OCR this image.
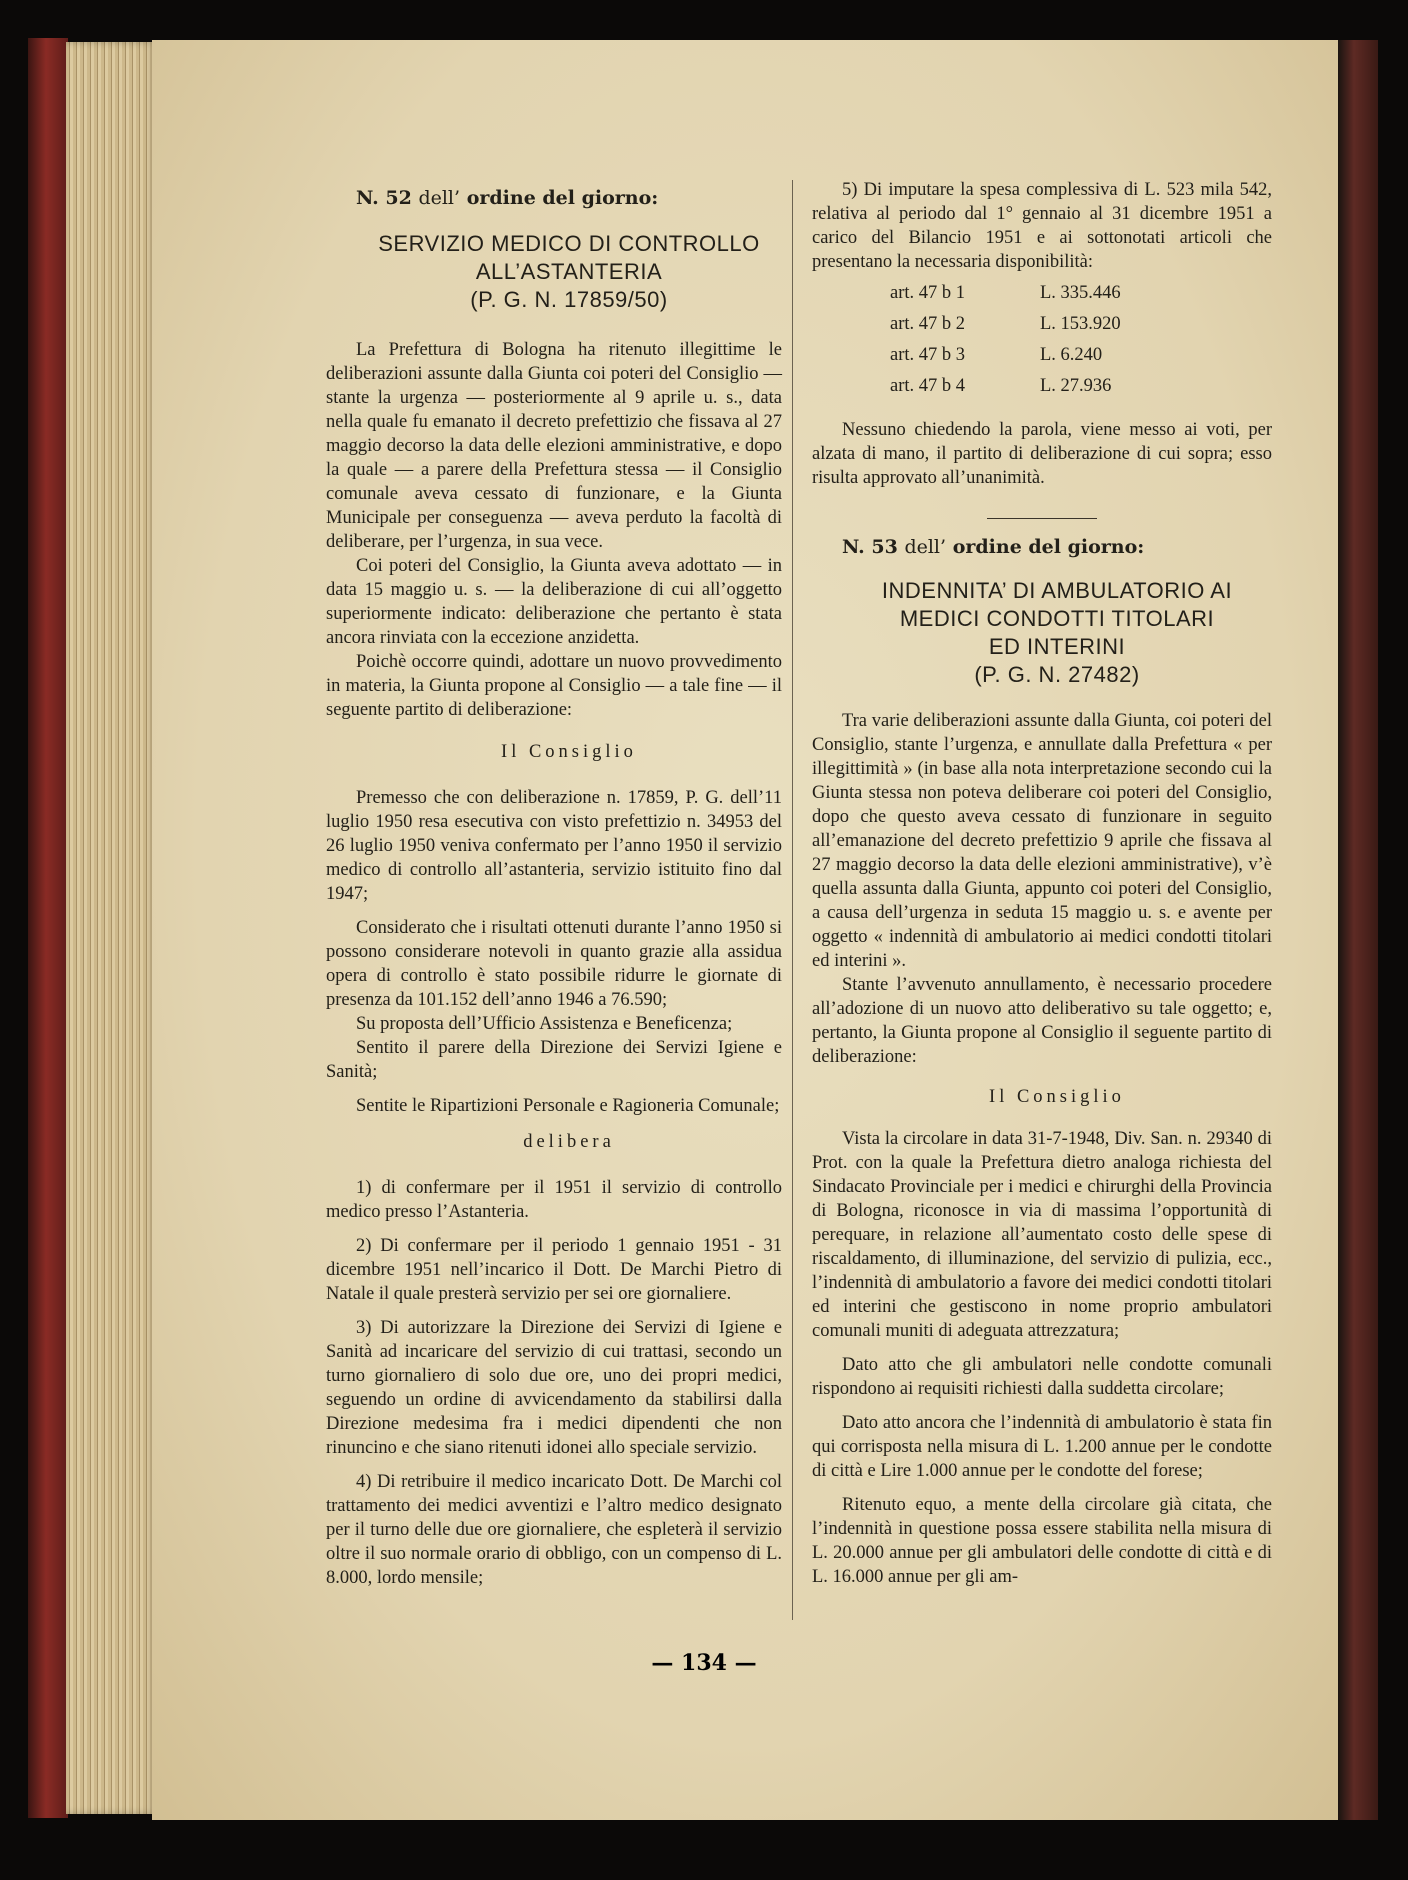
N. 52 dell’ ordine del giorno:

SERVIZIO MEDICO DI CONTROLLO

ALL’ASTANTERIA

(P. G. N. 17859/50)

La Prefettura di Bologna ha ritenuto illegittime le deliberazioni assunte dalla Giunta coi poteri del Consiglio — stante la urgenza — posteriormente al 9 aprile u. s., data nella quale fu emanato il decreto prefettizio che fissava al 27 maggio decorso la data delle elezioni amministrative, e dopo la quale — a parere della Prefettura stessa — il Consiglio comunale aveva cessato di funzionare, e la Giunta Municipale per conseguenza — aveva perduto la facoltà di deliberare, per l’urgenza, in sua vece.

Coi poteri del Consiglio, la Giunta aveva adottato — in data 15 maggio u. s. — la deliberazione di cui all’oggetto superiormente indicato: deliberazione che pertanto è stata ancora rinviata con la eccezione anzidetta.

Poichè occorre quindi, adottare un nuovo provvedimento in materia, la Giunta propone al Consiglio — a tale fine — il seguente partito di deliberazione:

Il Consiglio

Premesso che con deliberazione n. 17859, P. G. dell’11 luglio 1950 resa esecutiva con visto prefettizio n. 34953 del 26 luglio 1950 veniva confermato per l’anno 1950 il servizio medico di controllo all’astanteria, servizio istituito fino dal 1947;

Considerato che i risultati ottenuti durante l’anno 1950 si possono considerare notevoli in quanto grazie alla assidua opera di controllo è stato possibile ridurre le giornate di presenza da 101.152 dell’anno 1946 a 76.590;

Su proposta dell’Ufficio Assistenza e Beneficenza;

Sentito il parere della Direzione dei Servizi Igiene e Sanità;

Sentite le Ripartizioni Personale e Ragioneria Comunale;

delibera

1) di confermare per il 1951 il servizio di controllo medico presso l’Astanteria.

2) Di confermare per il periodo 1 gennaio 1951 - 31 dicembre 1951 nell’incarico il Dott. De Marchi Pietro di Natale il quale presterà servizio per sei ore giornaliere.

3) Di autorizzare la Direzione dei Servizi di Igiene e Sanità ad incaricare del servizio di cui trattasi, secondo un turno giornaliero di solo due ore, uno dei propri medici, seguendo un ordine di avvicendamento da stabilirsi dalla Direzione medesima fra i medici dipendenti che non rinuncino e che siano ritenuti idonei allo speciale servizio.

4) Di retribuire il medico incaricato Dott. De Marchi col trattamento dei medici avventizi e l’altro medico designato per il turno delle due ore giornaliere, che espleterà il servizio oltre il suo normale orario di obbligo, con un compenso di L. 8.000, lordo mensile;

5) Di imputare la spesa complessiva di L. 523 mila 542, relativa al periodo dal 1° gennaio al 31 dicembre 1951 a carico del Bilancio 1951 e ai sottonotati articoli che presentano la necessaria disponibilità:

art. 47 b 1	L. 335.446
art. 47 b 2	L. 153.920
art. 47 b 3	L. 6.240
art. 47 b 4	L. 27.936

Nessuno chiedendo la parola, viene messo ai voti, per alzata di mano, il partito di deliberazione di cui sopra; esso risulta approvato all’unanimità.

N. 53 dell’ ordine del giorno:

INDENNITA’ DI AMBULATORIO AI

MEDICI CONDOTTI TITOLARI

ED INTERINI

(P. G. N. 27482)

Tra varie deliberazioni assunte dalla Giunta, coi poteri del Consiglio, stante l’urgenza, e annullate dalla Prefettura « per illegittimità » (in base alla nota interpretazione secondo cui la Giunta stessa non poteva deliberare coi poteri del Consiglio, dopo che questo aveva cessato di funzionare in seguito all’emanazione del decreto prefettizio 9 aprile che fissava al 27 maggio decorso la data delle elezioni amministrative), v’è quella assunta dalla Giunta, appunto coi poteri del Consiglio, a causa dell’urgenza in seduta 15 maggio u. s. e avente per oggetto « indennità di ambulatorio ai medici condotti titolari ed interini ».

Stante l’avvenuto annullamento, è necessario procedere all’adozione di un nuovo atto deliberativo su tale oggetto; e, pertanto, la Giunta propone al Consiglio il seguente partito di deliberazione:

Il Consiglio

Vista la circolare in data 31-7-1948, Div. San. n. 29340 di Prot. con la quale la Prefettura dietro analoga richiesta del Sindacato Provinciale per i medici e chirurghi della Provincia di Bologna, riconosce in via di massima l’opportunità di perequare, in relazione all’aumentato costo delle spese di riscaldamento, di illuminazione, del servizio di pulizia, ecc., l’indennità di ambulatorio a favore dei medici condotti titolari ed interini che gestiscono in nome proprio ambulatori comunali muniti di adeguata attrezzatura;

Dato atto che gli ambulatori nelle condotte comunali rispondono ai requisiti richiesti dalla suddetta circolare;

Dato atto ancora che l’indennità di ambulatorio è stata fin qui corrisposta nella misura di L. 1.200 annue per le condotte di città e Lire 1.000 annue per le condotte del forese;

Ritenuto equo, a mente della circolare già citata, che l’indennità in questione possa essere stabilita nella misura di L. 20.000 annue per gli ambulatori delle condotte di città e di L. 16.000 annue per gli am-

— 134 —
